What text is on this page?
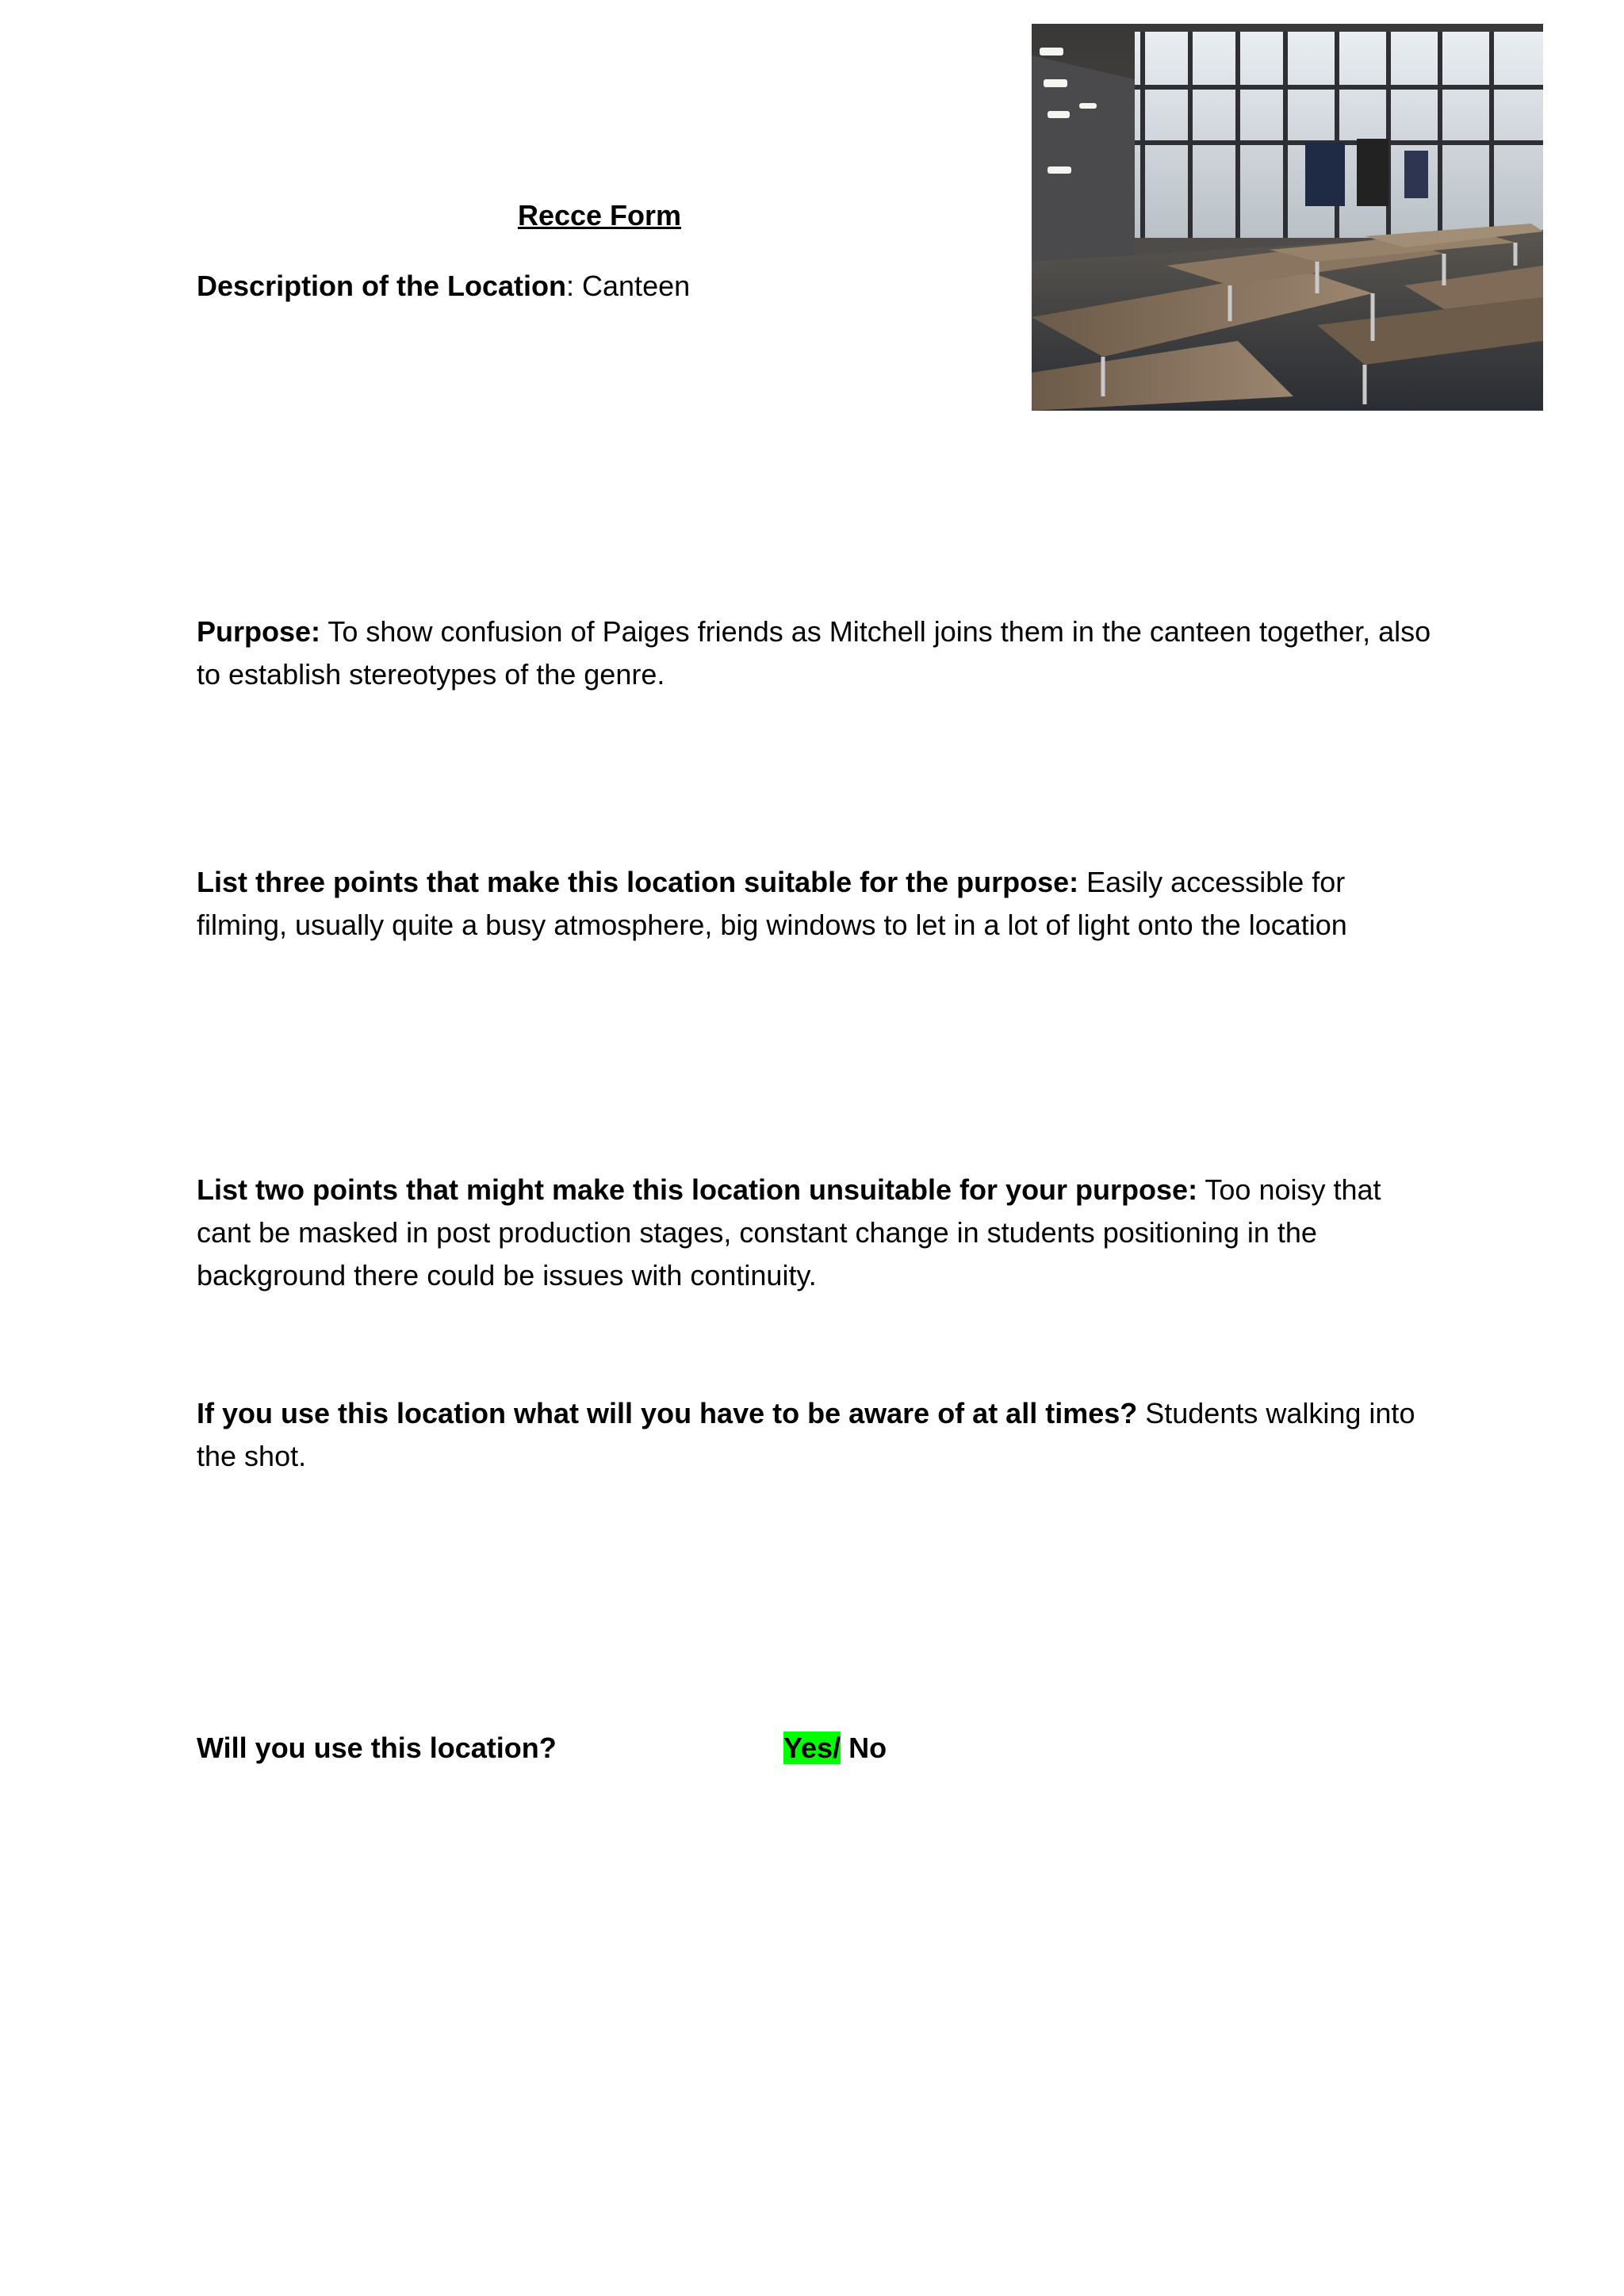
Recce Form
Description of the Location: Canteen
Purpose: To show confusion of Paiges friends as Mitchell joins them in the canteen together, also to establish stereotypes of the genre.
List three points that make this location suitable for the purpose: Easily accessible for filming, usually quite a busy atmosphere, big windows to let in a lot of light onto the location
List two points that might make this location unsuitable for your purpose: Too noisy that cant be masked in post production stages, constant change in students positioning in the background there could be issues with continuity.
If you use this location what will you have to be aware of at all times? Students walking into the shot.
Will you use this location?	Yes/ No
